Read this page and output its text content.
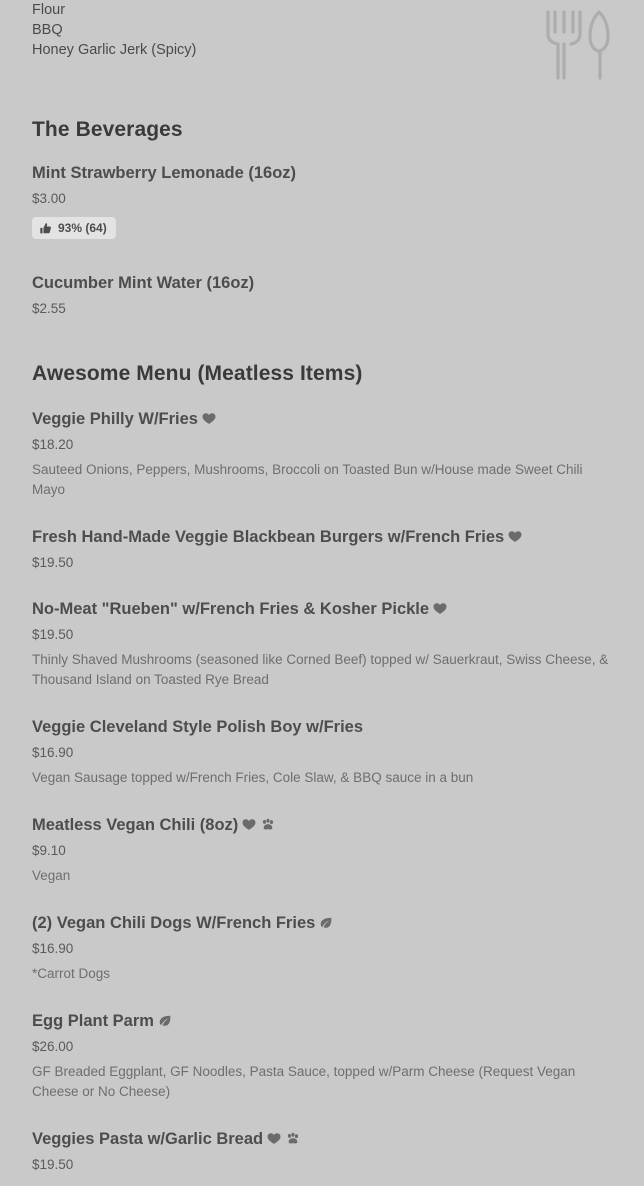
Flour
BBQ
Honey Garlic Jerk (Spicy)
The Beverages
Mint Strawberry Lemonade (16oz)
$3.00
93% (64)
Cucumber Mint Water (16oz)
$2.55
Awesome Menu (Meatless Items)
Veggie Philly W/Fries
$18.20
Sauteed Onions, Peppers, Mushrooms, Broccoli on Toasted Bun w/House made Sweet Chili Mayo
Fresh Hand-Made Veggie Blackbean Burgers w/French Fries
$19.50
No-Meat "Rueben" w/French Fries & Kosher Pickle
$19.50
Thinly Shaved Mushrooms (seasoned like Corned Beef) topped w/ Sauerkraut, Swiss Cheese, & Thousand Island on Toasted Rye Bread
Veggie Cleveland Style Polish Boy w/Fries
$16.90
Vegan Sausage topped w/French Fries, Cole Slaw, & BBQ sauce in a bun
Meatless Vegan Chili (8oz)
$9.10
Vegan
(2) Vegan Chili Dogs W/French Fries
$16.90
*Carrot Dogs
Egg Plant Parm
$26.00
GF Breaded Eggplant, GF Noodles, Pasta Sauce, topped w/Parm Cheese (Request Vegan Cheese or No Cheese)
Veggies Pasta w/Garlic Bread
$19.50
